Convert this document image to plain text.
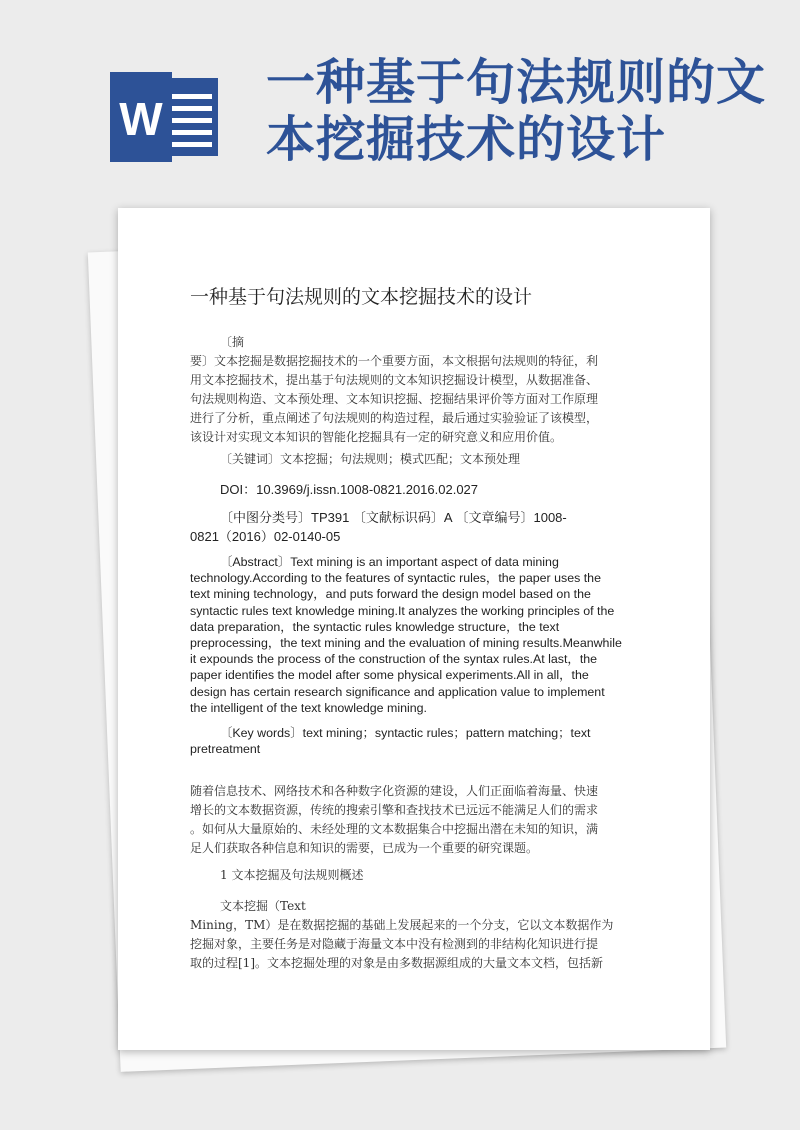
W
一种基于句法规则的文
本挖掘技术的设计
一种基于句法规则的文本挖掘技术的设计
〔摘
要〕文本挖掘是数据挖掘技术的一个重要方面，本文根据句法规则的特征，利
用文本挖掘技术，提出基于句法规则的文本知识挖掘设计模型，从数据准备、
句法规则构造、文本预处理、文本知识挖掘、挖掘结果评价等方面对工作原理
进行了分析，重点阐述了句法规则的构造过程，最后通过实验验证了该模型，
该设计对实现文本知识的智能化挖掘具有一定的研究意义和应用价值。
〔关键词〕文本挖掘；句法规则；模式匹配；文本预处理
DOI：10.3969/j.issn.1008-0821.2016.02.027
〔中图分类号〕TP391 〔文献标识码〕A 〔文章编号〕1008-
0821（2016）02-0140-05
〔Abstract〕Text mining is an important aspect of data mining
technology.According to the features of syntactic rules，the paper uses the
text mining technology，and puts forward the design model based on the
syntactic rules text knowledge mining.It analyzes the working principles of the
data preparation，the syntactic rules knowledge structure，the text
preprocessing，the text mining and the evaluation of mining results.Meanwhile
it expounds the process of the construction of the syntax rules.At last，the
paper identifies the model after some physical experiments.All in all，the
design has certain research significance and application value to implement
the intelligent of the text knowledge mining.
〔Key words〕text mining；syntactic rules；pattern matching；text
pretreatment
随着信息技术、网络技术和各种数字化资源的建设，人们正面临着海量、快速
增长的文本数据资源，传统的搜索引擎和查找技术已远远不能满足人们的需求
。如何从大量原始的、未经处理的文本数据集合中挖掘出潜在未知的知识，满
足人们获取各种信息和知识的需要，已成为一个重要的研究课题。
1 文本挖掘及句法规则概述
文本挖掘（Text
Mining，TM）是在数据挖掘的基础上发展起来的一个分支，它以文本数据作为
挖掘对象，主要任务是对隐藏于海量文本中没有检测到的非结构化知识进行提
取的过程[1]。文本挖掘处理的对象是由多数据源组成的大量文本文档，包括新
